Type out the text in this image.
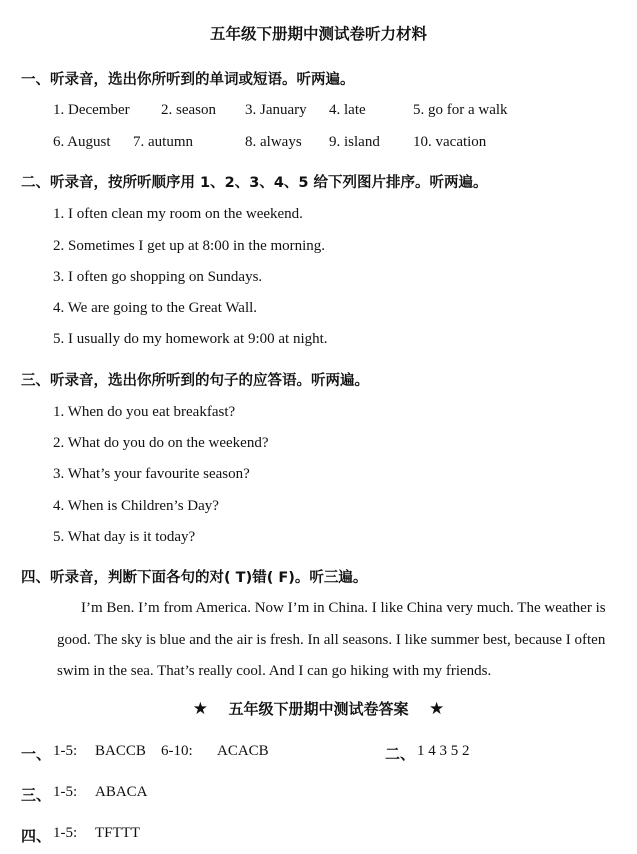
五年级下册期中测试卷听力材料
一、听录音，选出你所听到的单词或短语。听两遍。
1. December 2. season 3. January 4. late	5. go for a walk
6. August 7. autumn	8. always 9. island 10. vacation
二、听录音，按所听顺序用 1、2、3、4、5 给下列图片排序。听两遍。
1. I often clean my room on the weekend.
2. Sometimes I get up at 8:00 in the morning.
3. I often go shopping on Sundays.
4. We are going to the Great Wall.
5. I usually do my homework at 9:00 at night.
三、听录音，选出你所听到的句子的应答语。听两遍。
1. When do you eat breakfast?
2. What do you do on the weekend?
3. What’s your favourite season?
4. When is Children’s Day?
5. What day is it today?
四、听录音，判断下面各句的对( T)错( F)。听三遍。
I’m Ben. I’m from America. Now I’m in China. I like China very much. The weather is good. The sky is blue and the air is fresh. In all seasons. I like summer best, because I often swim in the sea. That’s really cool. And I can go hiking with my friends.
★ 五年级下册期中测试卷答案 ★
一、 1-5: BACCB 6-10: ACACB	二、 1 4 3 5 2
三、 1-5: ABACA
四、 1-5: TFTTT
